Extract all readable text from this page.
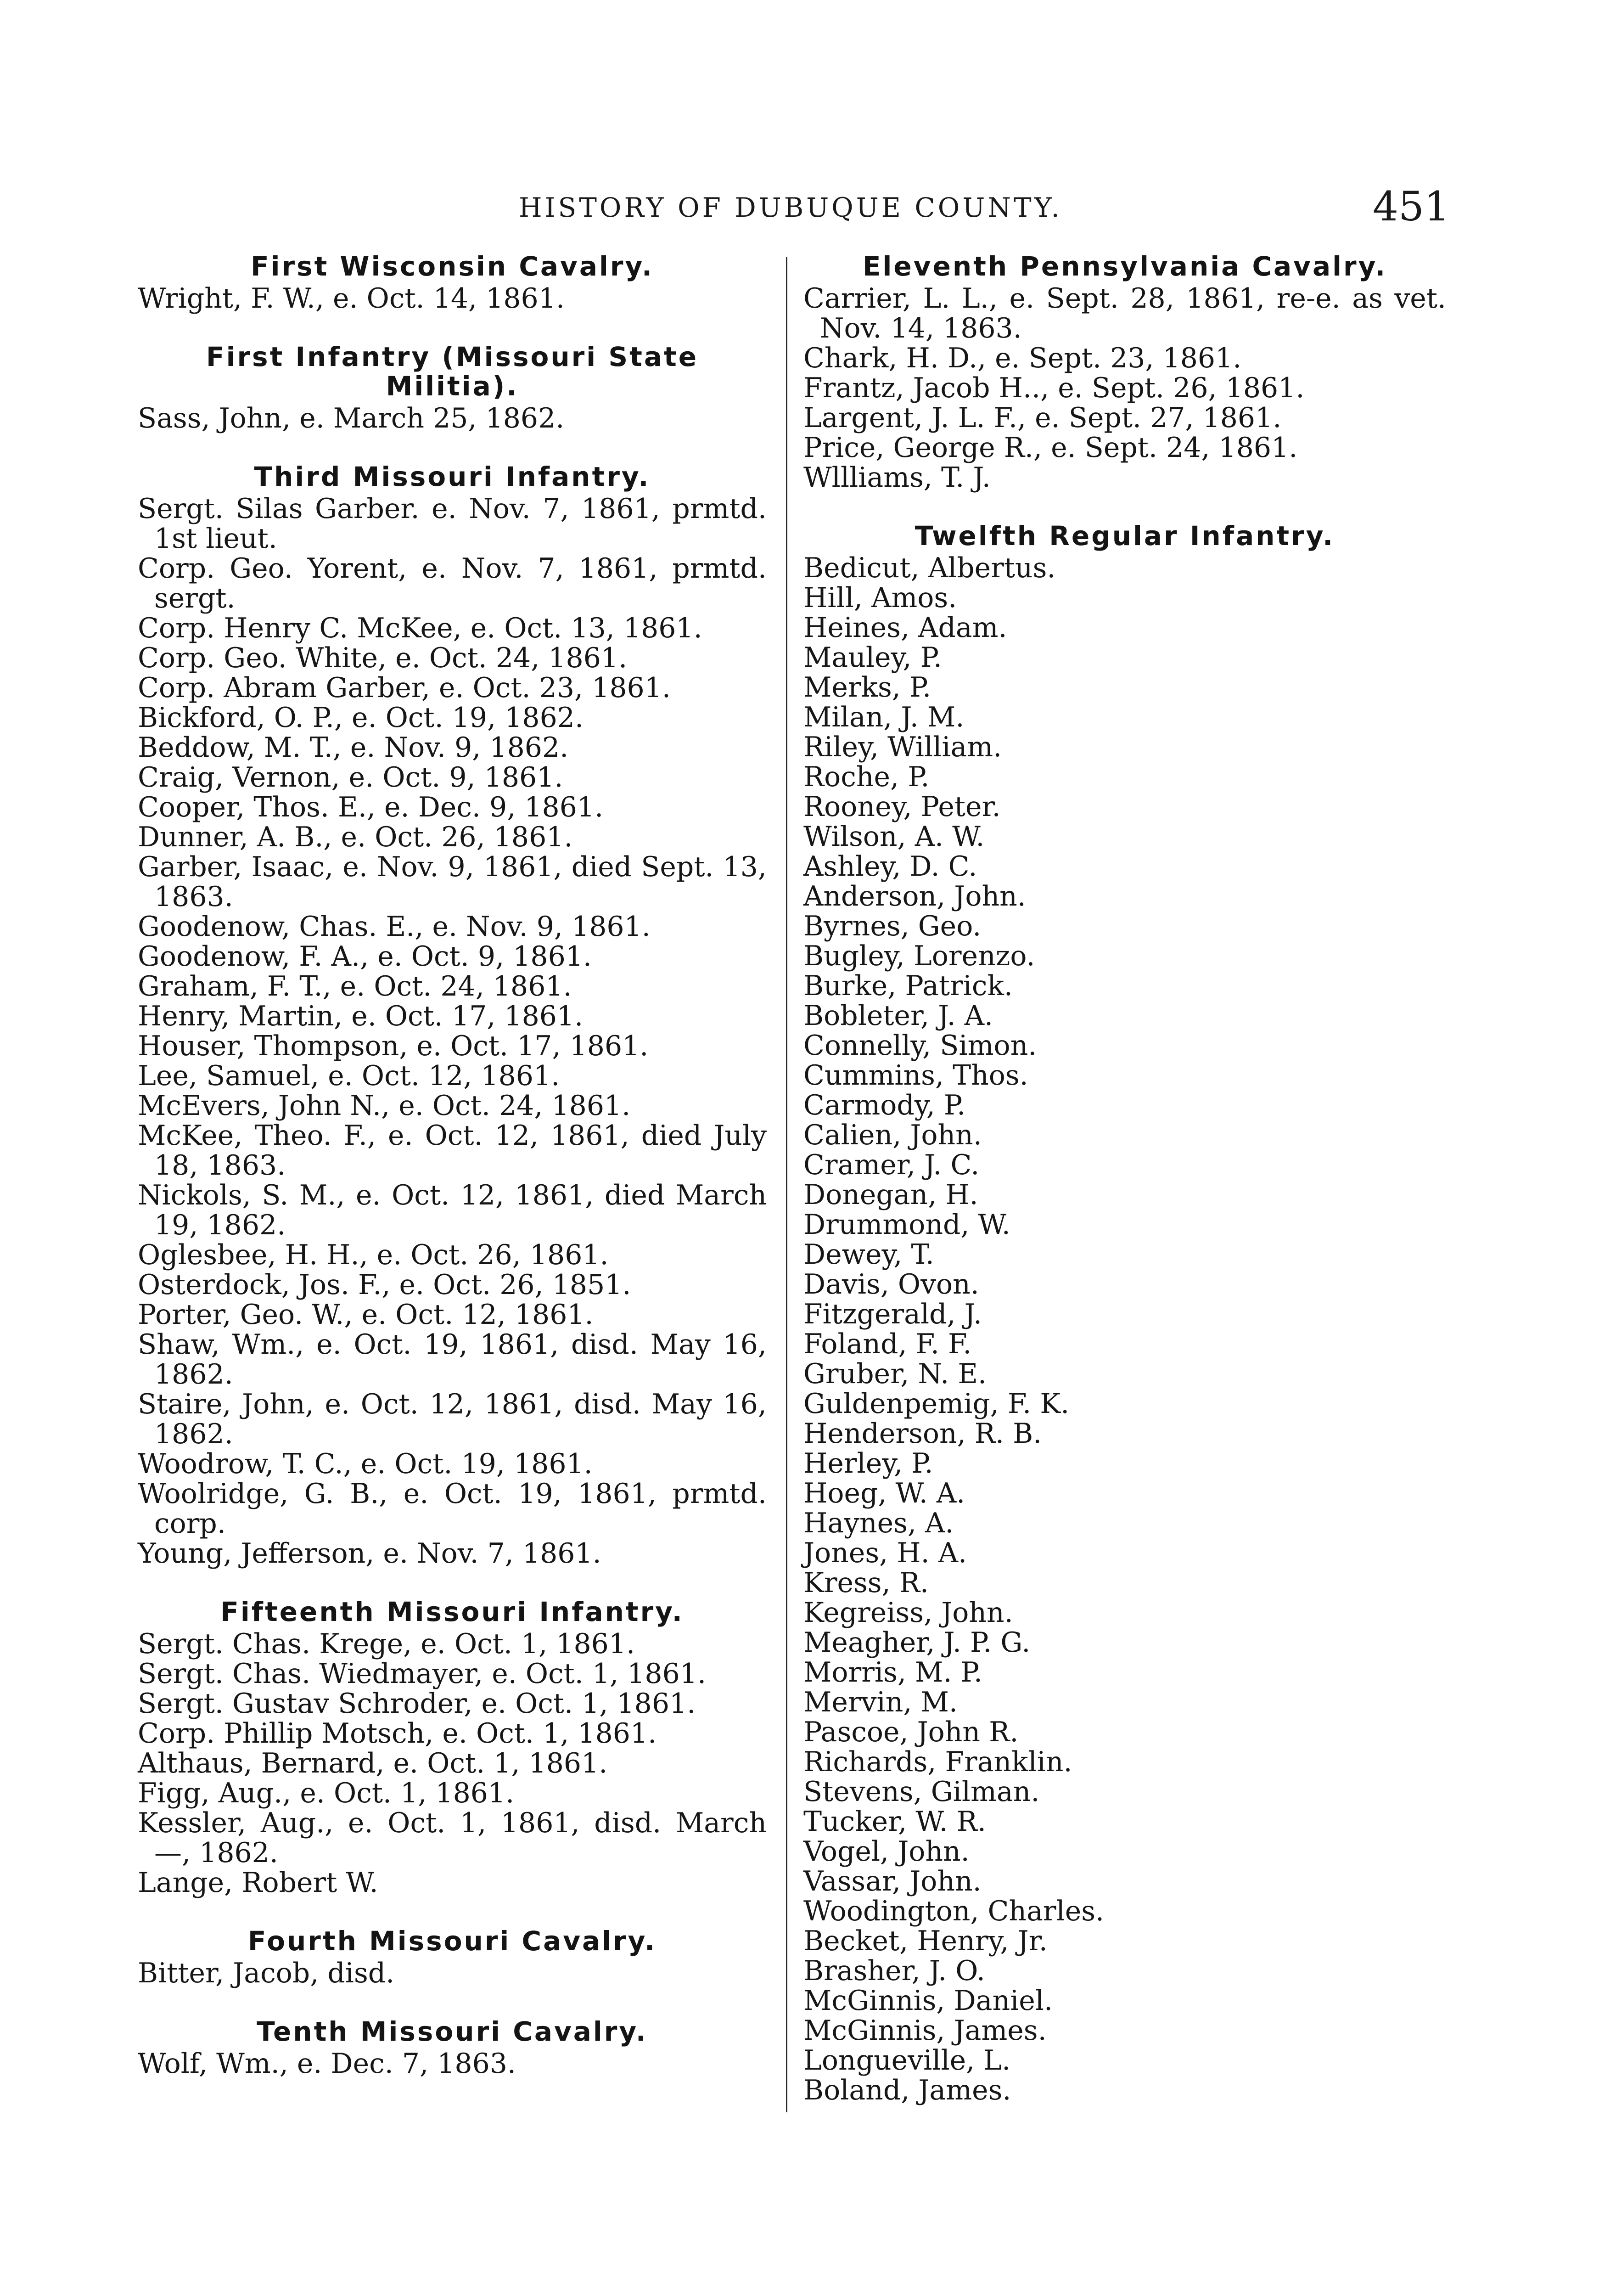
HISTORY OF DUBUQUE COUNTY.	451
First Wisconsin Cavalry.
Wright, F. W., e. Oct. 14, 1861.
First Infantry (Missouri State Militia).
Sass, John, e. March 25, 1862.
Third Missouri Infantry.
Sergt. Silas Garber. e. Nov. 7, 1861, prmtd. 1st lieut.
Corp. Geo. Yorent, e. Nov. 7, 1861, prmtd. sergt.
Corp. Henry C. McKee, e. Oct. 13, 1861.
Corp. Geo. White, e. Oct. 24, 1861.
Corp. Abram Garber, e. Oct. 23, 1861.
Bickford, O. P., e. Oct. 19, 1862.
Beddow, M. T., e. Nov. 9, 1862.
Craig, Vernon, e. Oct. 9, 1861.
Cooper, Thos. E., e. Dec. 9, 1861.
Dunner, A. B., e. Oct. 26, 1861.
Garber, Isaac, e. Nov. 9, 1861, died Sept. 13, 1863.
Goodenow, Chas. E., e. Nov. 9, 1861.
Goodenow, F. A., e. Oct. 9, 1861.
Graham, F. T., e. Oct. 24, 1861.
Henry, Martin, e. Oct. 17, 1861.
Houser, Thompson, e. Oct. 17, 1861.
Lee, Samuel, e. Oct. 12, 1861.
McEvers, John N., e. Oct. 24, 1861.
McKee, Theo. F., e. Oct. 12, 1861, died July 18, 1863.
Nickols, S. M., e. Oct. 12, 1861, died March 19, 1862.
Oglesbee, H. H., e. Oct. 26, 1861.
Osterdock, Jos. F., e. Oct. 26, 1851.
Porter, Geo. W., e. Oct. 12, 1861.
Shaw, Wm., e. Oct. 19, 1861, disd. May 16, 1862.
Staire, John, e. Oct. 12, 1861, disd. May 16, 1862.
Woodrow, T. C., e. Oct. 19, 1861.
Woolridge, G. B., e. Oct. 19, 1861, prmtd. corp.
Young, Jefferson, e. Nov. 7, 1861.
Fifteenth Missouri Infantry.
Sergt. Chas. Krege, e. Oct. 1, 1861.
Sergt. Chas. Wiedmayer, e. Oct. 1, 1861.
Sergt. Gustav Schroder, e. Oct. 1, 1861.
Corp. Phillip Motsch, e. Oct. 1, 1861.
Althaus, Bernard, e. Oct. 1, 1861.
Figg, Aug., e. Oct. 1, 1861.
Kessler, Aug., e. Oct. 1, 1861, disd. March —, 1862.
Lange, Robert W.
Fourth Missouri Cavalry.
Bitter, Jacob, disd.
Tenth Missouri Cavalry.
Wolf, Wm., e. Dec. 7, 1863.
Eleventh Pennsylvania Cavalry.
Carrier, L. L., e. Sept. 28, 1861, re-e. as vet. Nov. 14, 1863.
Chark, H. D., e. Sept. 23, 1861.
Frantz, Jacob H.., e. Sept. 26, 1861.
Largent, J. L. F., e. Sept. 27, 1861.
Price, George R., e. Sept. 24, 1861.
Wllliams, T. J.
Twelfth Regular Infantry.
Bedicut, Albertus.
Hill, Amos.
Heines, Adam.
Mauley, P.
Merks, P.
Milan, J. M.
Riley, William.
Roche, P.
Rooney, Peter.
Wilson, A. W.
Ashley, D. C.
Anderson, John.
Byrnes, Geo.
Bugley, Lorenzo.
Burke, Patrick.
Bobleter, J. A.
Connelly, Simon.
Cummins, Thos.
Carmody, P.
Calien, John.
Cramer, J. C.
Donegan, H.
Drummond, W.
Dewey, T.
Davis, Ovon.
Fitzgerald, J.
Foland, F. F.
Gruber, N. E.
Guldenpemig, F. K.
Henderson, R. B.
Herley, P.
Hoeg, W. A.
Haynes, A.
Jones, H. A.
Kress, R.
Kegreiss, John.
Meagher, J. P. G.
Morris, M. P.
Mervin, M.
Pascoe, John R.
Richards, Franklin.
Stevens, Gilman.
Tucker, W. R.
Vogel, John.
Vassar, John.
Woodington, Charles.
Becket, Henry, Jr.
Brasher, J. O.
McGinnis, Daniel.
McGinnis, James.
Longueville, L.
Boland, James.
